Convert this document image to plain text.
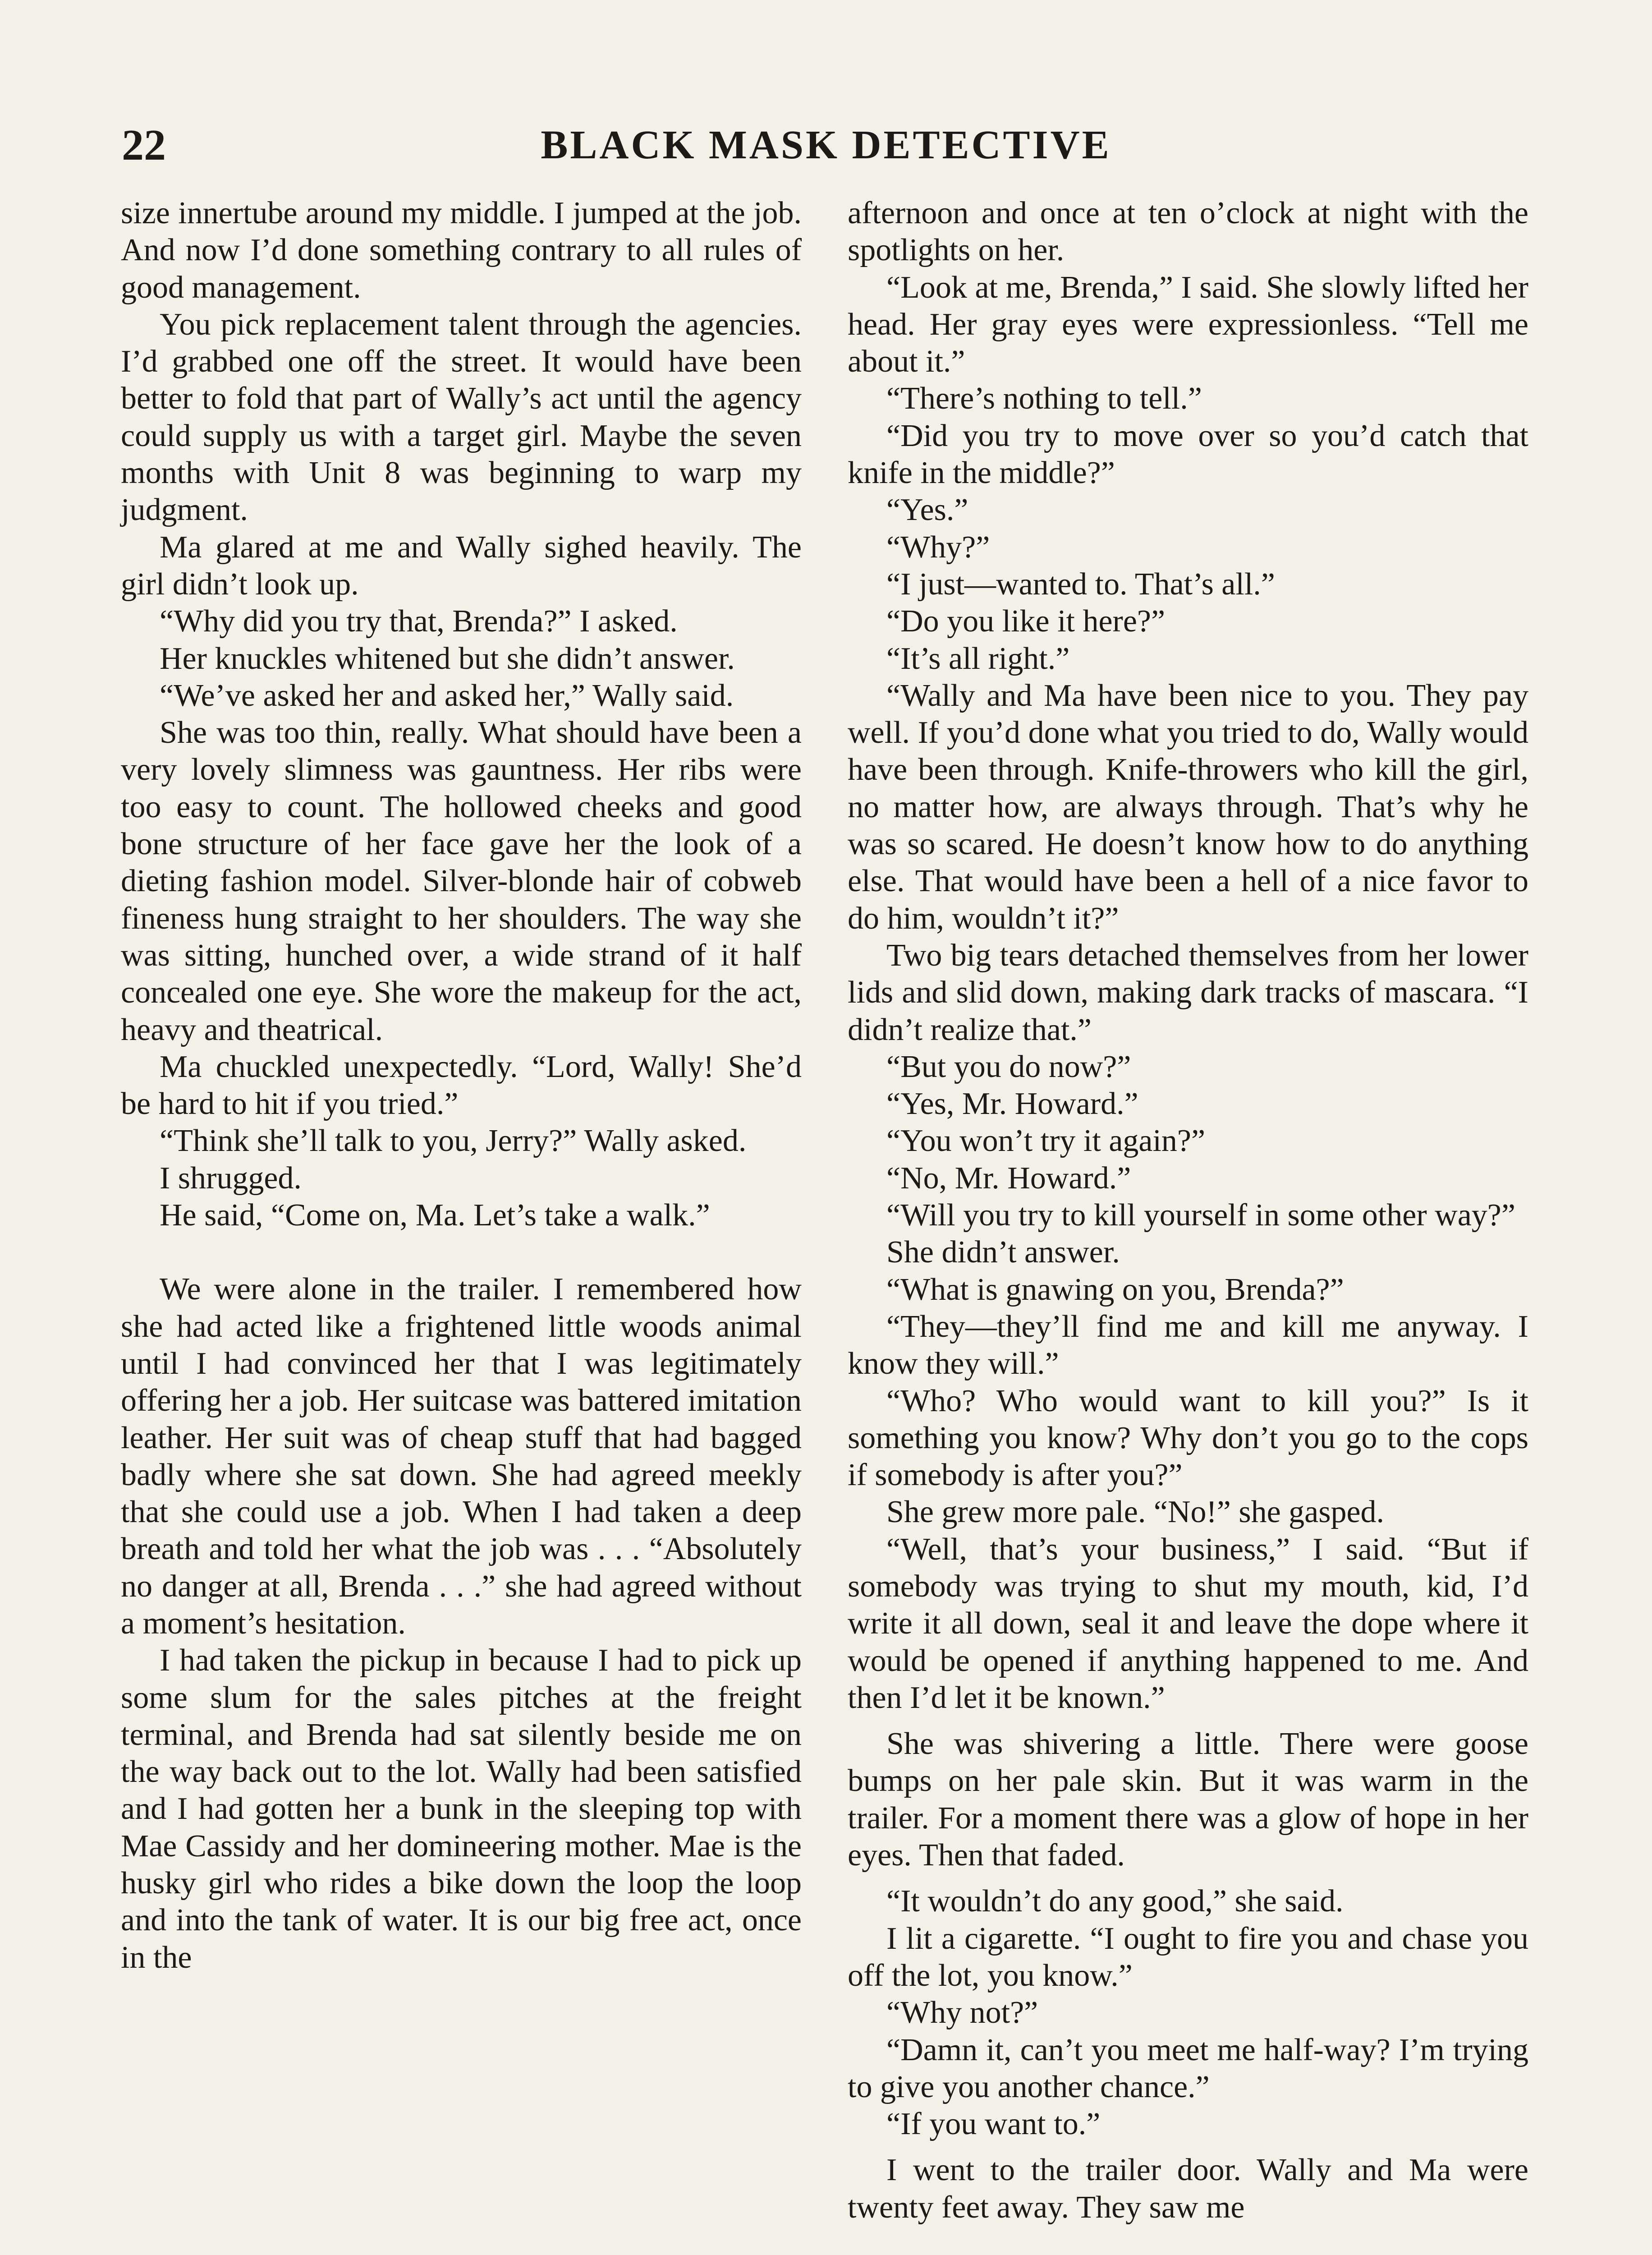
22	BLACK MASK DETECTIVE

size innertube around my middle. I jumped at the job. And now I’d done something contrary to all rules of good management.

You pick replacement talent through the agencies. I’d grabbed one off the street. It would have been better to fold that part of Wally’s act until the agency could supply us with a target girl. Maybe the seven months with Unit 8 was beginning to warp my judgment.

Ma glared at me and Wally sighed heavily. The girl didn’t look up.

“Why did you try that, Brenda?” I asked.

Her knuckles whitened but she didn’t answer.

“We’ve asked her and asked her,” Wally said.

She was too thin, really. What should have been a very lovely slimness was gauntness. Her ribs were too easy to count. The hollowed cheeks and good bone structure of her face gave her the look of a dieting fashion model. Silver-blonde hair of cobweb fineness hung straight to her shoulders. The way she was sitting, hunched over, a wide strand of it half concealed one eye. She wore the makeup for the act, heavy and theatrical.

Ma chuckled unexpectedly. “Lord, Wally! She’d be hard to hit if you tried.”

“Think she’ll talk to you, Jerry?” Wally asked.

I shrugged.

He said, “Come on, Ma. Let’s take a walk.”

We were alone in the trailer. I remembered how she had acted like a frightened little woods animal until I had convinced her that I was legitimately offering her a job. Her suitcase was battered imitation leather. Her suit was of cheap stuff that had bagged badly where she sat down. She had agreed meekly that she could use a job. When I had taken a deep breath and told her what the job was . . . “Absolutely no danger at all, Brenda . . .” she had agreed without a moment’s hesitation.

I had taken the pickup in because I had to pick up some slum for the sales pitches at the freight terminal, and Brenda had sat silently beside me on the way back out to the lot. Wally had been satisfied and I had gotten her a bunk in the sleeping top with Mae Cassidy and her domineering mother. Mae is the husky girl who rides a bike down the loop the loop and into the tank of water. It is our big free act, once in the

afternoon and once at ten o’clock at night with the spotlights on her.

“Look at me, Brenda,” I said. She slowly lifted her head. Her gray eyes were expressionless. “Tell me about it.”

“There’s nothing to tell.”

“Did you try to move over so you’d catch that knife in the middle?”

“Yes.”

“Why?”

“I just—wanted to. That’s all.”

“Do you like it here?”

“It’s all right.”

“Wally and Ma have been nice to you. They pay well. If you’d done what you tried to do, Wally would have been through. Knife-throwers who kill the girl, no matter how, are always through. That’s why he was so scared. He doesn’t know how to do anything else. That would have been a hell of a nice favor to do him, wouldn’t it?”

Two big tears detached themselves from her lower lids and slid down, making dark tracks of mascara. “I didn’t realize that.”

“But you do now?”

“Yes, Mr. Howard.”

“You won’t try it again?”

“No, Mr. Howard.”

“Will you try to kill yourself in some other way?”

She didn’t answer.

“What is gnawing on you, Brenda?”

“They—they’ll find me and kill me anyway. I know they will.”

“Who? Who would want to kill you?” Is it something you know? Why don’t you go to the cops if somebody is after you?”

She grew more pale. “No!” she gasped.

“Well, that’s your business,” I said. “But if somebody was trying to shut my mouth, kid, I’d write it all down, seal it and leave the dope where it would be opened if anything happened to me. And then I’d let it be known.”

She was shivering a little. There were goose bumps on her pale skin. But it was warm in the trailer. For a moment there was a glow of hope in her eyes. Then that faded.

“It wouldn’t do any good,” she said.

I lit a cigarette. “I ought to fire you and chase you off the lot, you know.”

“Why not?”

“Damn it, can’t you meet me half-way? I’m trying to give you another chance.”

“If you want to.”

I went to the trailer door. Wally and Ma were twenty feet away. They saw me
